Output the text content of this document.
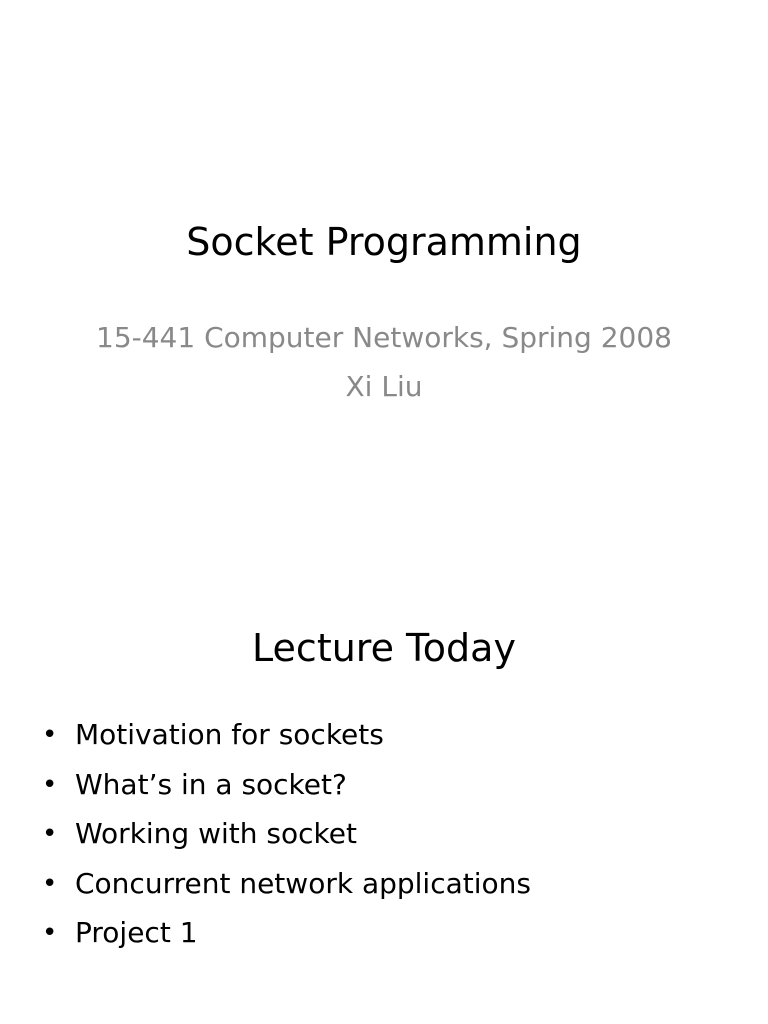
Socket Programming
15-441 Computer Networks, Spring 2008
Xi Liu
Lecture Today
• Motivation for sockets
• What’s in a socket?
• Working with socket
• Concurrent network applications
• Project 1
